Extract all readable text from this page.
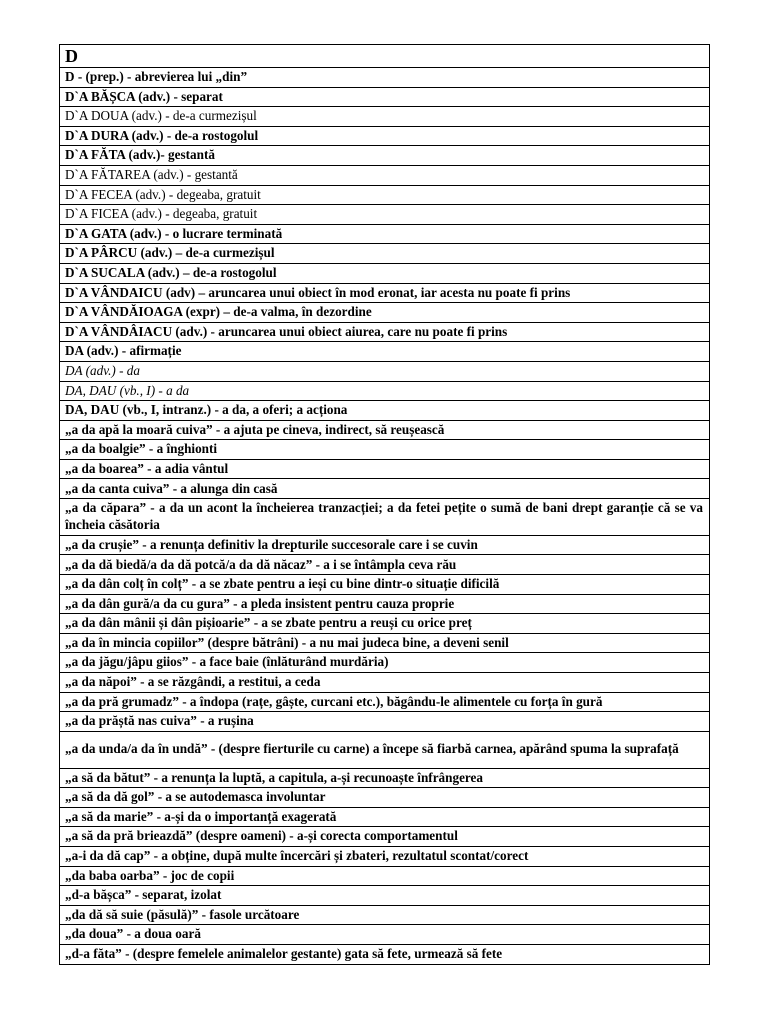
D
D - (prep.) - abrevierea lui „din”
D`A BĂȘCA (adv.) - separat
D`A DOUA (adv.) - de-a curmezișul
D`A DURA (adv.) - de-a rostogolul
D`A FĂTA (adv.)- gestantă
D`A FĂTAREA (adv.) - gestantă
D`A FECEA (adv.) - degeaba, gratuit
D`A FICEA (adv.) - degeaba, gratuit
D`A GATA (adv.) - o lucrare terminată
D`A PÂRCU (adv.) – de-a curmezișul
D`A SUCALA (adv.) – de-a rostogolul
D`A VÂNDAICU (adv) – aruncarea unui obiect în mod eronat, iar acesta nu poate fi prins
D`A VÂNDĂIOAGA (expr) – de-a valma, în dezordine
D`A VÂNDÂIACU (adv.) - aruncarea unui obiect aiurea, care nu poate fi prins
DA (adv.) - afirmație
DA (adv.) - da
DA, DAU (vb., I) - a da
DA, DAU (vb., I, intranz.) - a da, a oferi; a acționa
„a da apă la moară cuiva” - a ajuta pe cineva, indirect, să reușească
„a da boalgie” - a înghionti
„a da boarea” - a adia vântul
„a da canta cuiva” - a alunga din casă
„a da căpara” - a da un acont la încheierea tranzacției; a da fetei pețite o sumă de bani drept garanție că se va încheia căsătoria
„a da crușie” - a renunța definitiv la drepturile succesorale care i se cuvin
„a da dă biedă/a da dă potcă/a da dă năcaz” - a i se întâmpla ceva rău
„a da dân colț în colț” - a se zbate pentru a ieși cu bine dintr-o situație dificilă
„a da dân gură/a da cu gura” - a pleda insistent pentru cauza proprie
„a da dân mânii și dân pișioarie” - a se zbate pentru a reuși cu orice preț
„a da în mincia copiilor” (despre bătrâni) - a nu mai judeca bine, a deveni senil
„a da jăgu/jâpu giios” - a face baie (înlăturând murdăria)
„a da năpoi” - a se răzgândi, a restitui, a ceda
„a da pră grumadz” - a îndopa (rațe, gâște, curcani etc.), băgându-le alimentele cu forța în gură
„a da prăștă nas cuiva” - a rușina
„a da unda/a da în undă” - (despre fierturile cu carne) a începe să fiarbă carnea, apărând spuma la suprafață
„a să da bătut” - a renunța la luptă, a capitula, a-și recunoaște înfrângerea
„a să da dă gol” - a se autodemasca involuntar
„a să da marie” - a-și da o importanță exagerată
„a să da pră brieazdă” (despre oameni) - a-și corecta comportamentul
„a-i da dă cap” - a obține, după multe încercări și zbateri, rezultatul scontat/corect
„da baba oarba” - joc de copii
„d-a bășca” - separat, izolat
„da dă să suie (păsulă)” - fasole urcătoare
„da doua” - a doua oară
„d-a făta” - (despre femelele animalelor gestante) gata să fete, urmează să fete
